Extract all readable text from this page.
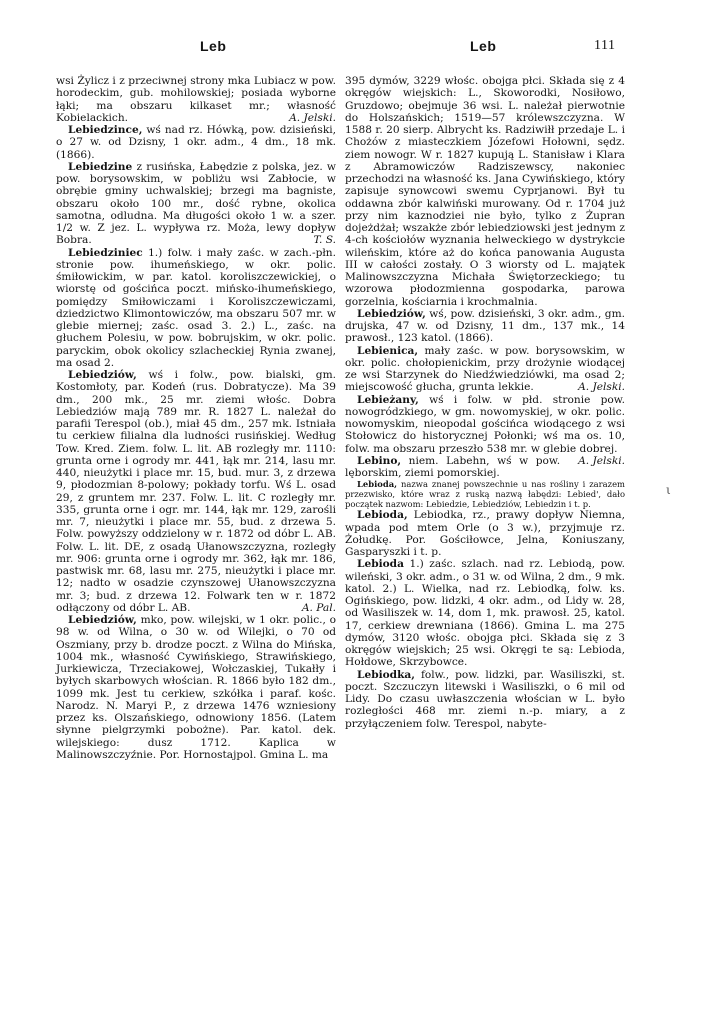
Leb	Leb	111

wsi Żylicz i z przeciwnej strony mka Lubiacz w pow. horodeckim, gub. mohilowskiej; posiada wyborne łąki; ma obszaru kilkaset mr.; własność Kobielackich.	A. Jelski.

Lebiedzince, wś nad rz. Hówką, pow. dzisieński, o 27 w. od Dzisny, 1 okr. adm., 4 dm., 18 mk. (1866).

Lebiedzine z rusińska, Łabędzie z polska, jez. w pow. borysowskim, w pobliżu wsi Zabłocie, w obrębie gminy uchwalskiej; brzegi ma bagniste, obszaru około 100 mr., dość rybne, okolica samotna, odludna. Ma długości około 1 w. a szer. 1/2 w. Z jez. L. wypływa rz. Moża, lewy dopływ Bobra.	T. S.

Lebiedziniec 1.) folw. i mały zaśc. w zach.-płn. stronie pow. ihumeńskiego, w okr. polic. śmiłowickim, w par. katol. koroliszczewickiej, o wiorstę od gościńca poczt. mińsko-ihumeńskiego, pomiędzy Smiłowiczami i Koroliszczewiczami, dziedzictwo Klimontowiczów, ma obszaru 507 mr. w glebie miernej; zaśc. osad 3. 2.) L., zaśc. na głuchem Polesiu, w pow. bobrujskim, w okr. polic. paryckim, obok okolicy szlacheckiej Rynia zwanej, ma osad 2.

Lebiedziów, wś i folw., pow. bialski, gm. Kostomłoty, par. Kodeń (rus. Dobratycze). Ma 39 dm., 200 mk., 25 mr. ziemi włośc. Dobra Lebiedziów mają 789 mr. R. 1827 L. należał do parafii Terespol (ob.), miał 45 dm., 257 mk. Istniała tu cerkiew filialna dla ludności rusińskiej. Według Tow. Kred. Ziem. folw. L. lit. AB rozległy mr. 1110: grunta orne i ogrody mr. 441, łąk mr. 214, lasu mr. 440, nieużytki i place mr. 15, bud. mur. 3, z drzewa 9, płodozmian 8-polowy; pokłady torfu. Wś L. osad 29, z gruntem mr. 237. Folw. L. lit. C rozległy mr. 335, grunta orne i ogr. mr. 144, łąk mr. 129, zarośli mr. 7, nieużytki i place mr. 55, bud. z drzewa 5. Folw. powyższy oddzielony w r. 1872 od dóbr L. AB. Folw. L. lit. DE, z osadą Ułanowszczyzna, rozległy mr. 906: grunta orne i ogrody mr. 362, łąk mr. 186, pastwisk mr. 68, lasu mr. 275, nieużytki i place mr. 12; nadto w osadzie czynszowej Ułanowszczyzna mr. 3; bud. z drzewa 12. Folwark ten w r. 1872 odłączony od dóbr L. AB.	A. Pal.

Lebiedziów, mko, pow. wilejski, w 1 okr. polic., o 98 w. od Wilna, o 30 w. od Wilejki, o 70 od Oszmiany, przy b. drodze poczt. z Wilna do Mińska, 1004 mk., własność Cywińskiego, Strawińskiego, Jurkiewicza, Trzeciakowej, Wołczaskiej, Tukałły i byłych skarbowych włościan. R. 1866 było 182 dm., 1099 mk. Jest tu cerkiew, szkółka i paraf. kośc. Narodz. N. Maryi P., z drzewa 1476 wzniesiony przez ks. Olszańskiego, odnowiony 1856. (Latem słynne pielgrzymki pobożne). Par. katol. dek. wilejskiego: dusz 1712. Kaplica w Malinowszczyźnie. Por. Hornostajpol. Gmina L. ma

395 dymów, 3229 włośc. obojga płci. Składa się z 4 okręgów wiejskich: L., Skoworodki, Nosiłowo, Gruzdowo; obejmuje 36 wsi. L. należał pierwotnie do Holszańskich; 1519—57 królewszczyzna. W 1588 r. 20 sierp. Albrycht ks. Radziwiłł przedaje L. i Chożów z miasteczkiem Józefowi Hołowni, sędz. ziem nowogr. W r. 1827 kupują L. Stanisław i Klara z Abramowiczów Radziszewscy, nakoniec przechodzi na własność ks. Jana Cywińskiego, który zapisuje synowcowi swemu Cyprjanowi. Był tu oddawna zbór kalwiński murowany. Od r. 1704 już przy nim kaznodziei nie było, tylko z Żupran dojeżdżał; wszakże zbór lebiedziowski jest jednym z 4-ch kościołów wyznania helweckiego w dystrykcie wileńskim, które aż do końca panowania Augusta III w całości zostały. O 3 wiorsty od L. majątek Malinowszczyzna Michała Świętorzeckiego; tu wzorowa płodozmienna gospodarka, parowa gorzelnia, kościarnia i krochmalnia.

Lebiedziów, wś, pow. dzisieński, 3 okr. adm., gm. drujska, 47 w. od Dzisny, 11 dm., 137 mk., 14 prawosł., 123 katol. (1866).

Lebienica, mały zaśc. w pow. borysowskim, w okr. polic. chołopienickim, przy drożynie wiodącej ze wsi Starzynek do Niedźwiedziówki, ma osad 2; miejscowość głucha, grunta lekkie.	A. Jelski.

Lebieżany, wś i folw. w płd. stronie pow. nowogródzkiego, w gm. nowomyskiej, w okr. polic. nowomyskim, nieopodal gościńca wiodącego z wsi Stołowicz do historycznej Połonki; wś ma os. 10, folw. ma obszaru przeszło 538 mr. w glebie dobrej.
A. Jelski.

Lebino, niem. Labehn, wś w pow. lęborskim, ziemi pomorskiej.

Lebioda, nazwa znanej powszechnie u nas rośliny i zarazem przezwisko, które wraz z ruską nazwą łabędzi: Lebied', dało początek nazwom: Lebiedzie, Lebiedziów, Lebiedzin i t. p.

Lebioda, Lebiodka, rz., prawy dopływ Niemna, wpada pod mtem Orle (o 3 w.), przyjmuje rz. Żołudkę. Por. Gościłowce, Jelna, Koniuszany, Gasparyszki i t. p.

Lebioda 1.) zaśc. szlach. nad rz. Lebiodą, pow. wileński, 3 okr. adm., o 31 w. od Wilna, 2 dm., 9 mk. katol. 2.) L. Wielka, nad rz. Lebiodką, folw. ks. Ogińskiego, pow. lidzki, 4 okr. adm., od Lidy w. 28, od Wasiliszek w. 14, dom 1, mk. prawosł. 25, katol. 17, cerkiew drewniana (1866). Gmina L. ma 275 dymów, 3120 włośc. obojga płci. Składa się z 3 okręgów wiejskich; 25 wsi. Okręgi te są: Lebioda, Hołdowe, Skrzybowce.

Lebiodka, folw., pow. lidzki, par. Wasiliszki, st. poczt. Szczuczyn litewski i Wasiliszki, o 6 mil od Lidy. Do czasu uwłaszczenia włościan w L. było rozległości 468 mr. ziemi n.-p. miary, a z przyłączeniem folw. Terespol, nabyte-

ι
